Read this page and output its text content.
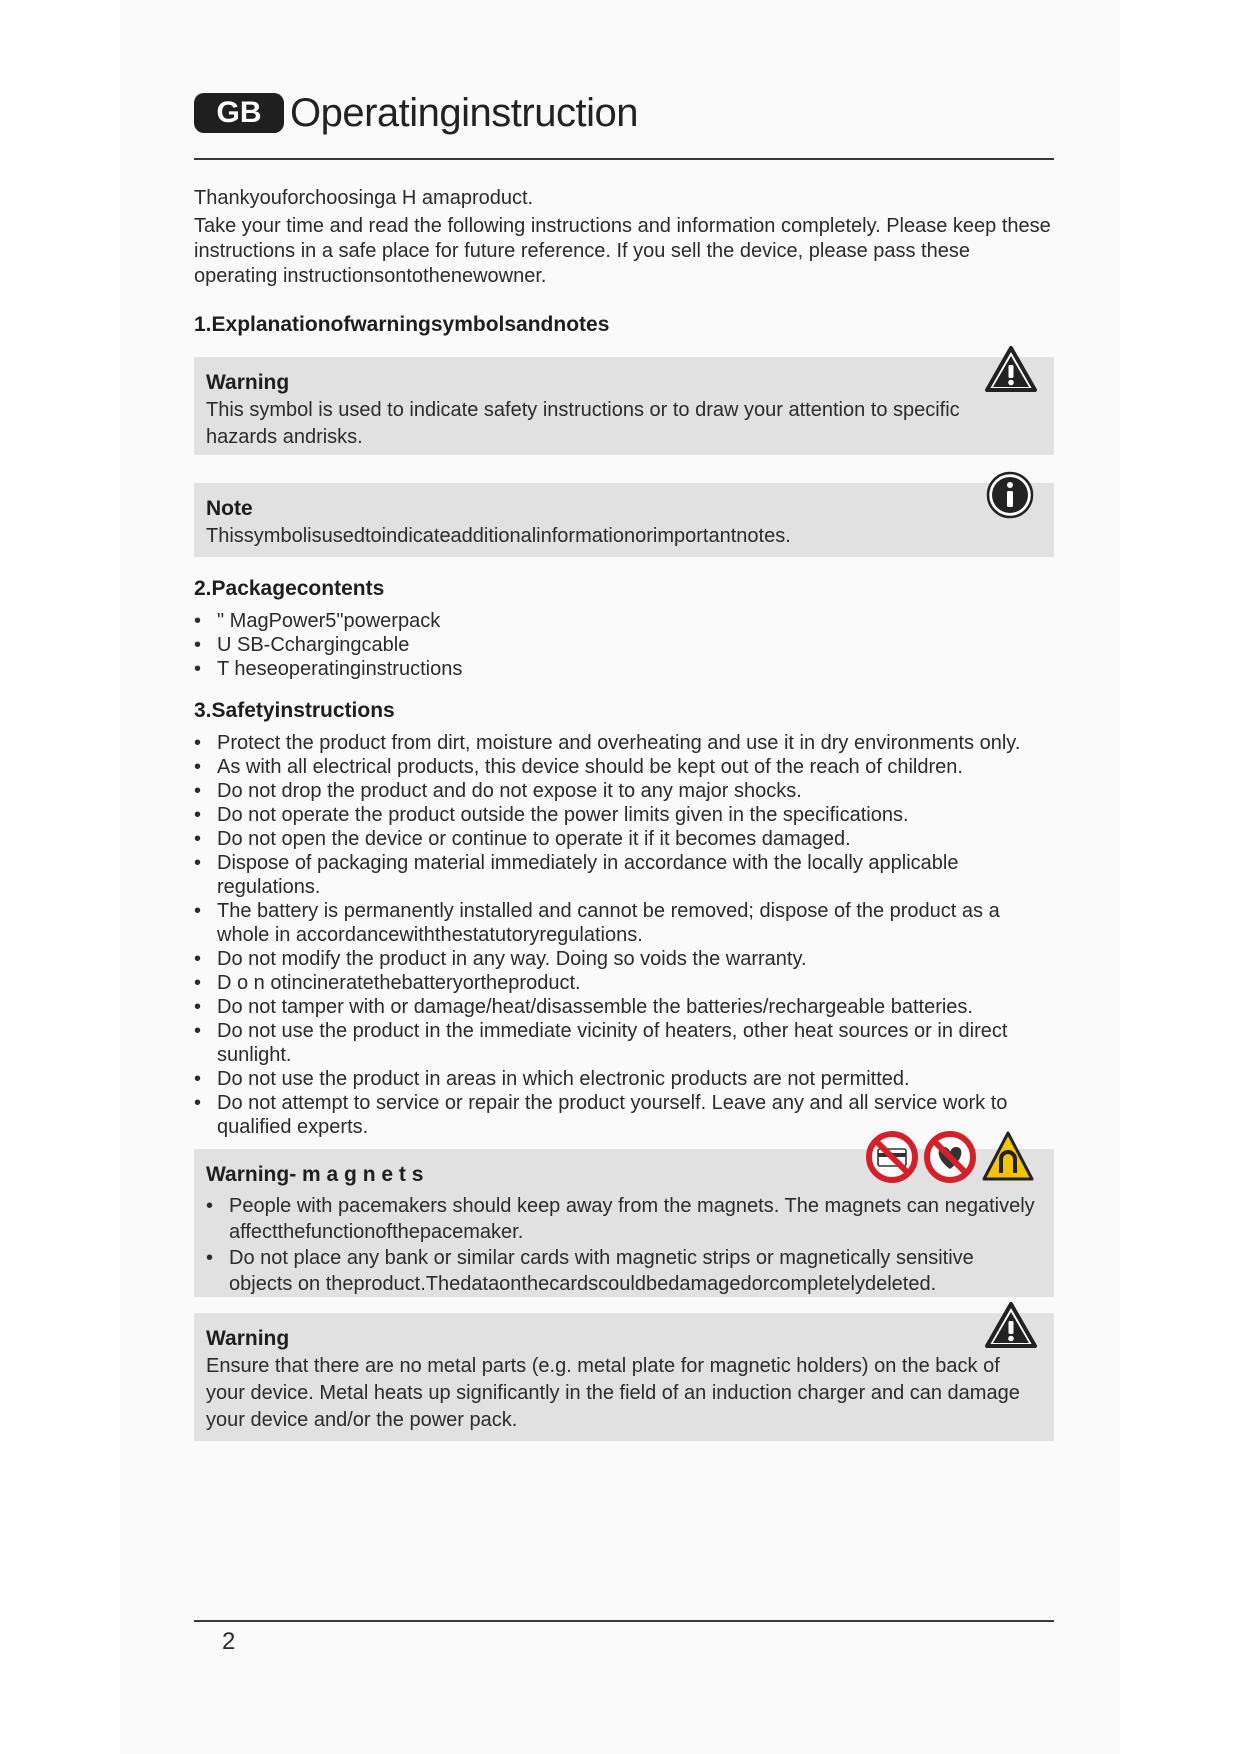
GB Operatinginstruction

Thankyouforchoosinga H amaproduct.

Take your time and read the following instructions and information completely. Please keep these instructions in a safe place for future reference. If you sell the device, please pass these operating instructionsontothenewowner.

1.Explanationofwarningsymbolsandnotes
Warning
This symbol is used to indicate safety instructions or to draw your attention to specific hazards andrisks.
Note
Thissymbolisusedtoindicateadditionalinformationorimportantnotes.
2.Packagecontents
• " MagPower5"powerpack
• U SB-Cchargingcable
• T heseoperatinginstructions
3.Safetyinstructions
• Protect the product from dirt, moisture and overheating and use it in dry environments only.
• As with all electrical products, this device should be kept out of the reach of children.
• Do not drop the product and do not expose it to any major shocks.
• Do not operate the product outside the power limits given in the specifications.
• Do not open the device or continue to operate it if it becomes damaged.
• Dispose of packaging material immediately in accordance with the locally applicable regulations.
• The battery is permanently installed and cannot be removed; dispose of the product as a whole in accordancewiththestatutoryregulations.
• Do not modify the product in any way. Doing so voids the warranty.
• D o n otincineratethebatteryortheproduct.
• Do not tamper with or damage/heat/disassemble the batteries/rechargeable batteries.
• Do not use the product in the immediate vicinity of heaters, other heat sources or in direct sunlight.
• Do not use the product in areas in which electronic products are not permitted.
• Do not attempt to service or repair the product yourself. Leave any and all service work to qualified experts.
Warning- m a g n e t s
• People with pacemakers should keep away from the magnets. The magnets can negatively affectthefunctionofthepacemaker.
• Do not place any bank or similar cards with magnetic strips or magnetically sensitive objects on theproduct.Thedataonthecardscouldbedamagedorcompletelydeleted.
Warning
Ensure that there are no metal parts (e.g. metal plate for magnetic holders) on the back of your device. Metal heats up significantly in the field of an induction charger and can damage your device and/or the power pack.
2
